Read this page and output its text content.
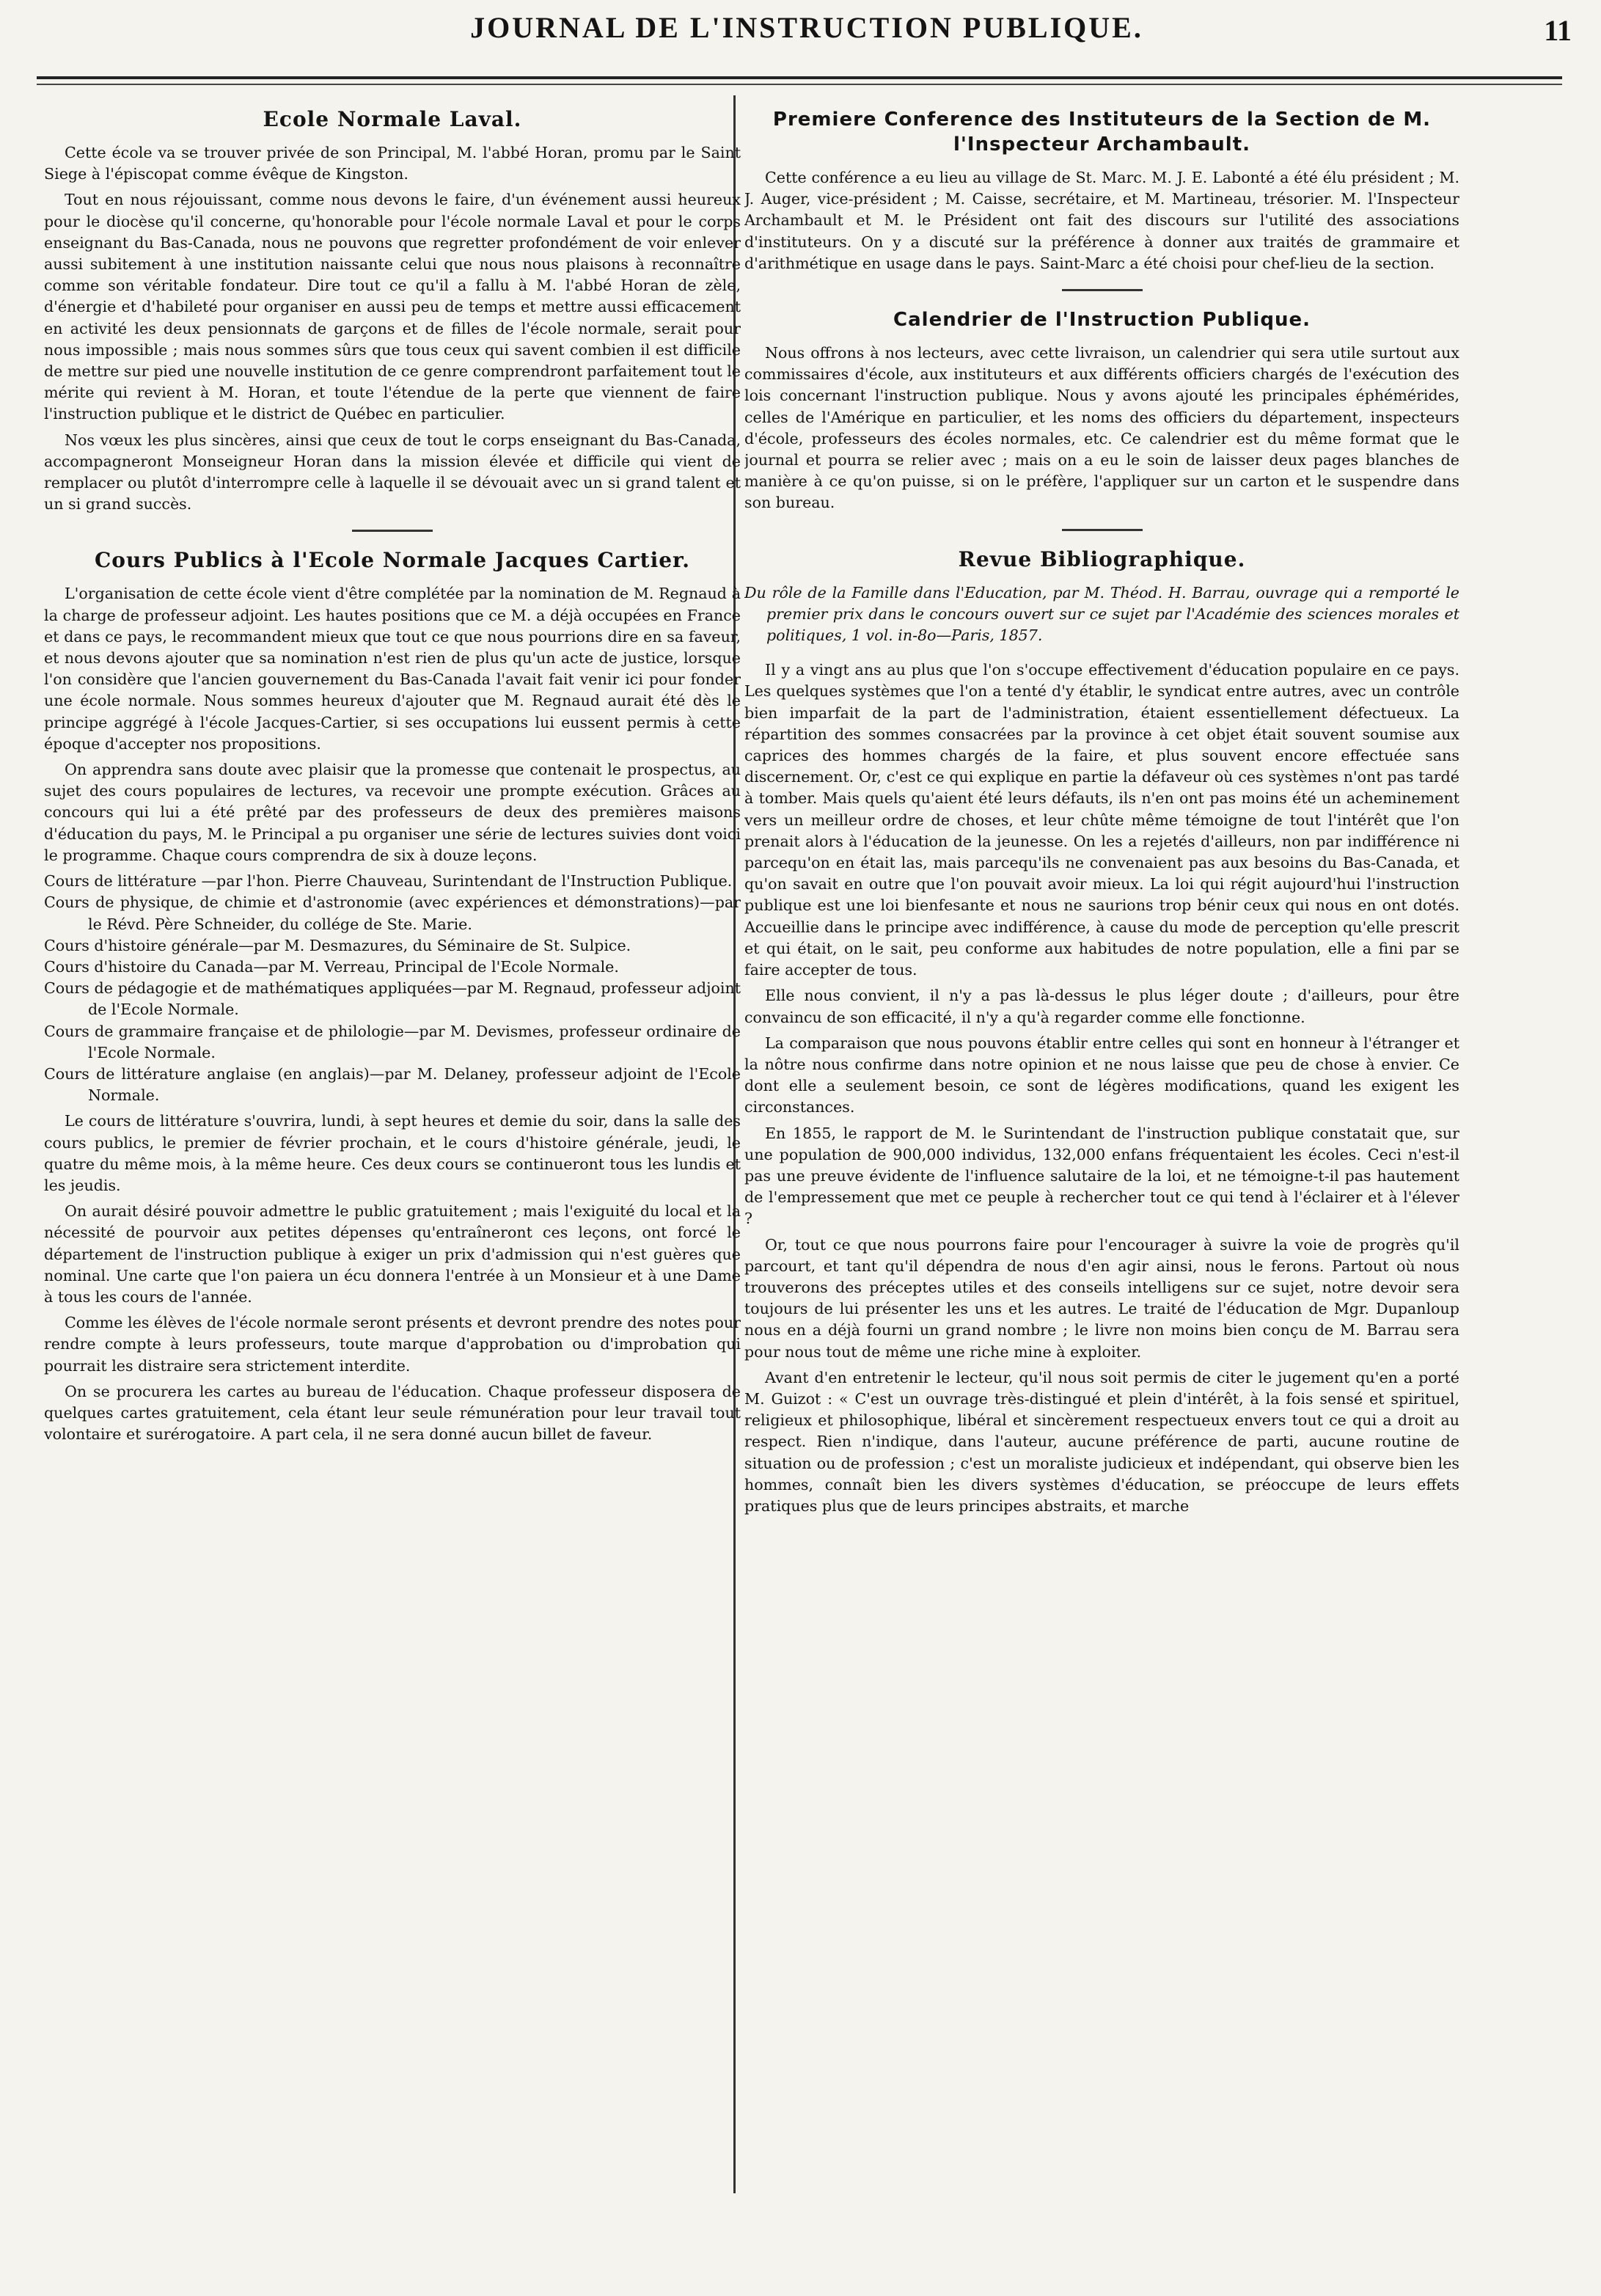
JOURNAL DE L'INSTRUCTION PUBLIQUE.	11
Ecole Normale Laval.

Cette école va se trouver privée de son Principal, M. l'abbé Horan, promu par le Saint Siege à l'épiscopat comme évêque de Kingston.

Tout en nous réjouissant, comme nous devons le faire, d'un événement aussi heureux pour le diocèse qu'il concerne, qu'honorable pour l'école normale Laval et pour le corps enseignant du Bas-Canada, nous ne pouvons que regretter profondément de voir enlever aussi subitement à une institution naissante celui que nous nous plaisons à reconnaître comme son véritable fondateur. Dire tout ce qu'il a fallu à M. l'abbé Horan de zèle, d'énergie et d'habileté pour organiser en aussi peu de temps et mettre aussi efficacement en activité les deux pensionnats de garçons et de filles de l'école normale, serait pour nous impossible ; mais nous sommes sûrs que tous ceux qui savent combien il est difficile de mettre sur pied une nouvelle institution de ce genre comprendront parfaitement tout le mérite qui revient à M. Horan, et toute l'étendue de la perte que viennent de faire l'instruction publique et le district de Québec en particulier.

Nos vœux les plus sincères, ainsi que ceux de tout le corps enseignant du Bas-Canada, accompagneront Monseigneur Horan dans la mission élevée et difficile qui vient de remplacer ou plutôt d'interrompre celle à laquelle il se dévouait avec un si grand talent et un si grand succès.

Cours Publics à l'Ecole Normale Jacques Cartier.

L'organisation de cette école vient d'être complétée par la nomination de M. Regnaud à la charge de professeur adjoint. Les hautes positions que ce M. a déjà occupées en France et dans ce pays, le recommandent mieux que tout ce que nous pourrions dire en sa faveur, et nous devons ajouter que sa nomination n'est rien de plus qu'un acte de justice, lorsque l'on considère que l'ancien gouvernement du Bas-Canada l'avait fait venir ici pour fonder une école normale. Nous sommes heureux d'ajouter que M. Regnaud aurait été dès le principe aggrégé à l'école Jacques-Cartier, si ses occupations lui eussent permis à cette époque d'accepter nos propositions.

On apprendra sans doute avec plaisir que la promesse que contenait le prospectus, au sujet des cours populaires de lectures, va recevoir une prompte exécution. Grâces au concours qui lui a été prêté par des professeurs de deux des premières maisons d'éducation du pays, M. le Principal a pu organiser une série de lectures suivies dont voici le programme. Chaque cours comprendra de six à douze leçons.

Cours de littérature —par l'hon. Pierre Chauveau, Surintendant de l'Instruction Publique.
Cours de physique, de chimie et d'astronomie (avec expériences et démonstrations)—par le Révd. Père Schneider, du collége de Ste. Marie.
Cours d'histoire générale—par M. Desmazures, du Séminaire de St. Sulpice.
Cours d'histoire du Canada—par M. Verreau, Principal de l'Ecole Normale.
Cours de pédagogie et de mathématiques appliquées—par M. Regnaud, professeur adjoint de l'Ecole Normale.
Cours de grammaire française et de philologie—par M. Devismes, professeur ordinaire de l'Ecole Normale.
Cours de littérature anglaise (en anglais)—par M. Delaney, professeur adjoint de l'Ecole Normale.

Le cours de littérature s'ouvrira, lundi, à sept heures et demie du soir, dans la salle des cours publics, le premier de février prochain, et le cours d'histoire générale, jeudi, le quatre du même mois, à la même heure. Ces deux cours se continueront tous les lundis et les jeudis.

On aurait désiré pouvoir admettre le public gratuitement ; mais l'exiguité du local et la nécessité de pourvoir aux petites dépenses qu'entraîneront ces leçons, ont forcé le département de l'instruction publique à exiger un prix d'admission qui n'est guères que nominal. Une carte que l'on paiera un écu donnera l'entrée à un Monsieur et à une Dame à tous les cours de l'année.

Comme les élèves de l'école normale seront présents et devront prendre des notes pour rendre compte à leurs professeurs, toute marque d'approbation ou d'improbation qui pourrait les distraire sera strictement interdite.

On se procurera les cartes au bureau de l'éducation. Chaque professeur disposera de quelques cartes gratuitement, cela étant leur seule rémunération pour leur travail tout volontaire et surérogatoire. A part cela, il ne sera donné aucun billet de faveur.

Premiere Conference des Instituteurs de la Section de M. l'Inspecteur Archambault.

Cette conférence a eu lieu au village de St. Marc. M. J. E. Labonté a été élu président ; M. J. Auger, vice-président ; M. Caisse, secrétaire, et M. Martineau, trésorier. M. l'Inspecteur Archambault et M. le Président ont fait des discours sur l'utilité des associations d'instituteurs. On y a discuté sur la préférence à donner aux traités de grammaire et d'arithmétique en usage dans le pays. Saint-Marc a été choisi pour chef-lieu de la section.

Calendrier de l'Instruction Publique.

Nous offrons à nos lecteurs, avec cette livraison, un calendrier qui sera utile surtout aux commissaires d'école, aux instituteurs et aux différents officiers chargés de l'exécution des lois concernant l'instruction publique. Nous y avons ajouté les principales éphémérides, celles de l'Amérique en particulier, et les noms des officiers du département, inspecteurs d'école, professeurs des écoles normales, etc. Ce calendrier est du même format que le journal et pourra se relier avec ; mais on a eu le soin de laisser deux pages blanches de manière à ce qu'on puisse, si on le préfère, l'appliquer sur un carton et le suspendre dans son bureau.

Revue Bibliographique.
Du rôle de la Famille dans l'Education, par M. Théod. H. Barrau, ouvrage qui a remporté le premier prix dans le concours ouvert sur ce sujet par l'Académie des sciences morales et politiques, 1 vol. in-8o—Paris, 1857.

Il y a vingt ans au plus que l'on s'occupe effectivement d'éducation populaire en ce pays. Les quelques systèmes que l'on a tenté d'y établir, le syndicat entre autres, avec un contrôle bien imparfait de la part de l'administration, étaient essentiellement défectueux. La répartition des sommes consacrées par la province à cet objet était souvent soumise aux caprices des hommes chargés de la faire, et plus souvent encore effectuée sans discernement. Or, c'est ce qui explique en partie la défaveur où ces systèmes n'ont pas tardé à tomber. Mais quels qu'aient été leurs défauts, ils n'en ont pas moins été un acheminement vers un meilleur ordre de choses, et leur chûte même témoigne de tout l'intérêt que l'on prenait alors à l'éducation de la jeunesse. On les a rejetés d'ailleurs, non par indifférence ni parcequ'on en était las, mais parcequ'ils ne convenaient pas aux besoins du Bas-Canada, et qu'on savait en outre que l'on pouvait avoir mieux. La loi qui régit aujourd'hui l'instruction publique est une loi bienfesante et nous ne saurions trop bénir ceux qui nous en ont dotés. Accueillie dans le principe avec indifférence, à cause du mode de perception qu'elle prescrit et qui était, on le sait, peu conforme aux habitudes de notre population, elle a fini par se faire accepter de tous.

Elle nous convient, il n'y a pas là-dessus le plus léger doute ; d'ailleurs, pour être convaincu de son efficacité, il n'y a qu'à regarder comme elle fonctionne.

La comparaison que nous pouvons établir entre celles qui sont en honneur à l'étranger et la nôtre nous confirme dans notre opinion et ne nous laisse que peu de chose à envier. Ce dont elle a seulement besoin, ce sont de légères modifications, quand les exigent les circonstances.

En 1855, le rapport de M. le Surintendant de l'instruction publique constatait que, sur une population de 900,000 individus, 132,000 enfans fréquentaient les écoles. Ceci n'est-il pas une preuve évidente de l'influence salutaire de la loi, et ne témoigne-t-il pas hautement de l'empressement que met ce peuple à rechercher tout ce qui tend à l'éclairer et à l'élever ?

Or, tout ce que nous pourrons faire pour l'encourager à suivre la voie de progrès qu'il parcourt, et tant qu'il dépendra de nous d'en agir ainsi, nous le ferons. Partout où nous trouverons des préceptes utiles et des conseils intelligens sur ce sujet, notre devoir sera toujours de lui présenter les uns et les autres. Le traité de l'éducation de Mgr. Dupanloup nous en a déjà fourni un grand nombre ; le livre non moins bien conçu de M. Barrau sera pour nous tout de même une riche mine à exploiter.

Avant d'en entretenir le lecteur, qu'il nous soit permis de citer le jugement qu'en a porté M. Guizot : « C'est un ouvrage très-distingué et plein d'intérêt, à la fois sensé et spirituel, religieux et philosophique, libéral et sincèrement respectueux envers tout ce qui a droit au respect. Rien n'indique, dans l'auteur, aucune préférence de parti, aucune routine de situation ou de profession ; c'est un moraliste judicieux et indépendant, qui observe bien les hommes, connaît bien les divers systèmes d'éducation, se préoccupe de leurs effets pratiques plus que de leurs principes abstraits, et marche
